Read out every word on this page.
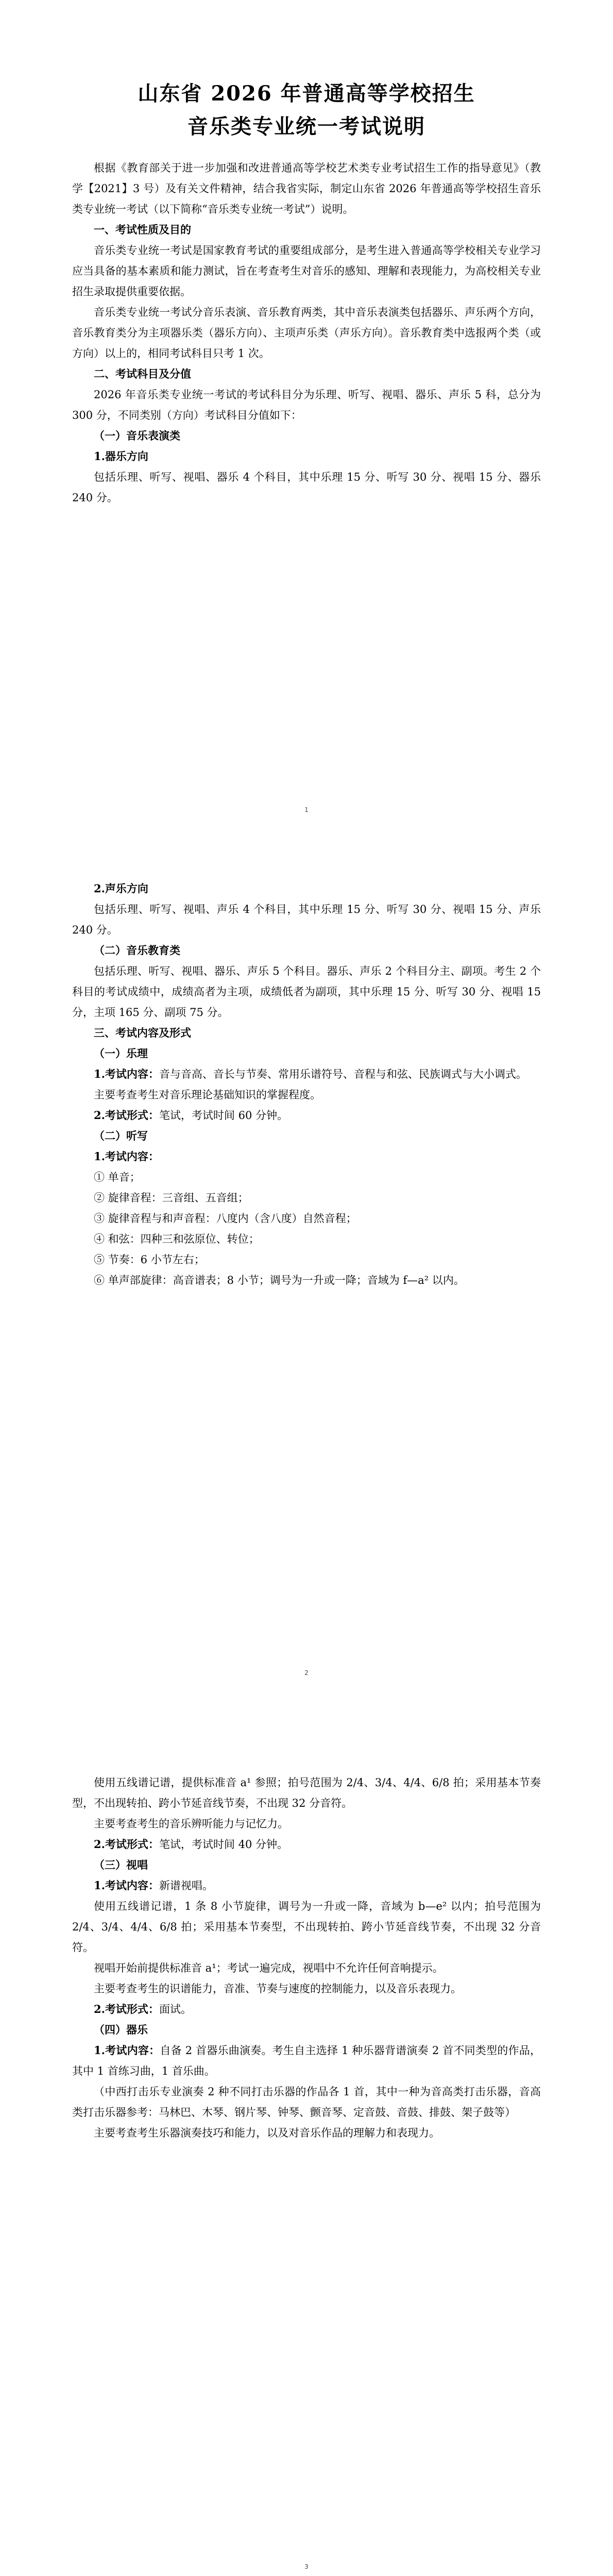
山东省 2026 年普通高等学校招生
音乐类专业统一考试说明

根据《教育部关于进一步加强和改进普通高等学校艺术类专业考试招生工作的指导意见》（教学【2021】3 号）及有关文件精神，结合我省实际，制定山东省 2026 年普通高等学校招生音乐类专业统一考试（以下简称“音乐类专业统一考试”）说明。

一、考试性质及目的

音乐类专业统一考试是国家教育考试的重要组成部分，是考生进入普通高等学校相关专业学习应当具备的基本素质和能力测试，旨在考查考生对音乐的感知、理解和表现能力，为高校相关专业招生录取提供重要依据。

音乐类专业统一考试分音乐表演、音乐教育两类，其中音乐表演类包括器乐、声乐两个方向，音乐教育类分为主项器乐类（器乐方向）、主项声乐类（声乐方向）。音乐教育类中选报两个类（或方向）以上的，相同考试科目只考 1 次。

二、考试科目及分值

2026 年音乐类专业统一考试的考试科目分为乐理、听写、视唱、器乐、声乐 5 科，总分为 300 分，不同类别（方向）考试科目分值如下：

（一）音乐表演类

1.器乐方向

包括乐理、听写、视唱、器乐 4 个科目，其中乐理 15 分、听写 30 分、视唱 15 分、器乐 240 分。

1

2.声乐方向

包括乐理、听写、视唱、声乐 4 个科目，其中乐理 15 分、听写 30 分、视唱 15 分、声乐 240 分。

（二）音乐教育类

包括乐理、听写、视唱、器乐、声乐 5 个科目。器乐、声乐 2 个科目分主、副项。考生 2 个科目的考试成绩中，成绩高者为主项，成绩低者为副项，其中乐理 15 分、听写 30 分、视唱 15 分，主项 165 分、副项 75 分。

三、考试内容及形式

（一）乐理

1.考试内容：音与音高、音长与节奏、常用乐谱符号、音程与和弦、民族调式与大小调式。

主要考查考生对音乐理论基础知识的掌握程度。

2.考试形式：笔试，考试时间 60 分钟。

（二）听写

1.考试内容：

① 单音；

② 旋律音程：三音组、五音组；

③ 旋律音程与和声音程：八度内（含八度）自然音程；

④ 和弦：四种三和弦原位、转位；

⑤ 节奏：6 小节左右；

⑥ 单声部旋律：高音谱表；8 小节；调号为一升或一降；音域为 f—a² 以内。

2

使用五线谱记谱，提供标准音 a¹ 参照；拍号范围为 2/4、3/4、4/4、6/8 拍；采用基本节奏型，不出现转拍、跨小节延音线节奏，不出现 32 分音符。

主要考查考生的音乐辨听能力与记忆力。

2.考试形式：笔试，考试时间 40 分钟。

（三）视唱

1.考试内容：新谱视唱。

使用五线谱记谱，1 条 8 小节旋律，调号为一升或一降，音域为 b—e² 以内；拍号范围为 2/4、3/4、4/4、6/8 拍；采用基本节奏型，不出现转拍、跨小节延音线节奏，不出现 32 分音符。

视唱开始前提供标准音 a¹；考试一遍完成，视唱中不允许任何音响提示。

主要考查考生的识谱能力，音准、节奏与速度的控制能力，以及音乐表现力。

2.考试形式：面试。

（四）器乐

1.考试内容：自备 2 首器乐曲演奏。考生自主选择 1 种乐器背谱演奏 2 首不同类型的作品，其中 1 首练习曲，1 首乐曲。

（中西打击乐专业演奏 2 种不同打击乐器的作品各 1 首，其中一种为音高类打击乐器，音高类打击乐器参考：马林巴、木琴、钢片琴、钟琴、颤音琴、定音鼓、音鼓、排鼓、架子鼓等）

主要考查考生乐器演奏技巧和能力，以及对音乐作品的理解力和表现力。

3
